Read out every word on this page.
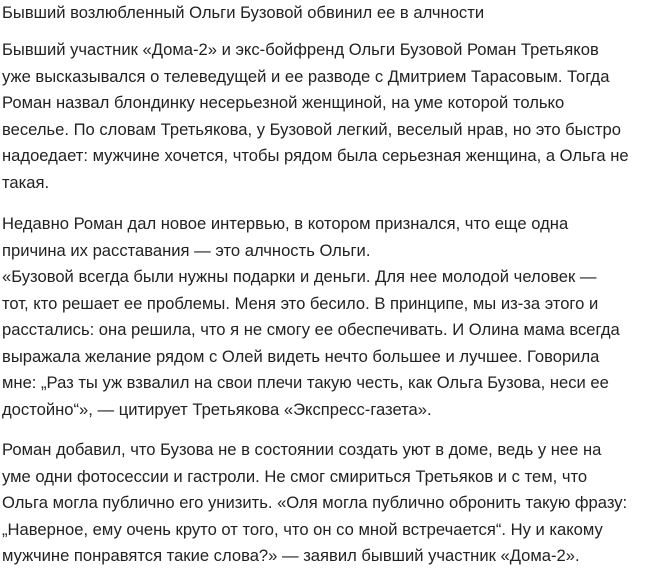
Бывший возлюбленный Ольги Бузовой обвинил ее в алчности

Бывший участник «Дома-2» и экс-бойфренд Ольги Бузовой Роман Третьяков
уже высказывался о телеведущей и ее разводе с Дмитрием Тарасовым. Тогда
Роман назвал блондинку несерьезной женщиной, на уме которой только
веселье. По словам Третьякова, у Бузовой легкий, веселый нрав, но это быстро
надоедает: мужчине хочется, чтобы рядом была серьезная женщина, а Ольга не
такая.

Недавно Роман дал новое интервью, в котором признался, что еще одна
причина их расставания — это алчность Ольги.
«Бузовой всегда были нужны подарки и деньги. Для нее молодой человек —
тот, кто решает ее проблемы. Меня это бесило. В принципе, мы из-за этого и
расстались: она решила, что я не смогу ее обеспечивать. И Олина мама всегда
выражала желание рядом с Олей видеть нечто большее и лучшее. Говорила
мне: „Раз ты уж взвалил на свои плечи такую честь, как Ольга Бузова, неси ее
достойно“», — цитирует Третьякова «Экспресс-газета».

Роман добавил, что Бузова не в состоянии создать уют в доме, ведь у нее на
уме одни фотосессии и гастроли. Не смог смириться Третьяков и с тем, что
Ольга могла публично его унизить. «Оля могла публично обронить такую фразу:
„Наверное, ему очень круто от того, что он со мной встречается“. Ну и какому
мужчине понравятся такие слова?» — заявил бывший участник «Дома-2».
